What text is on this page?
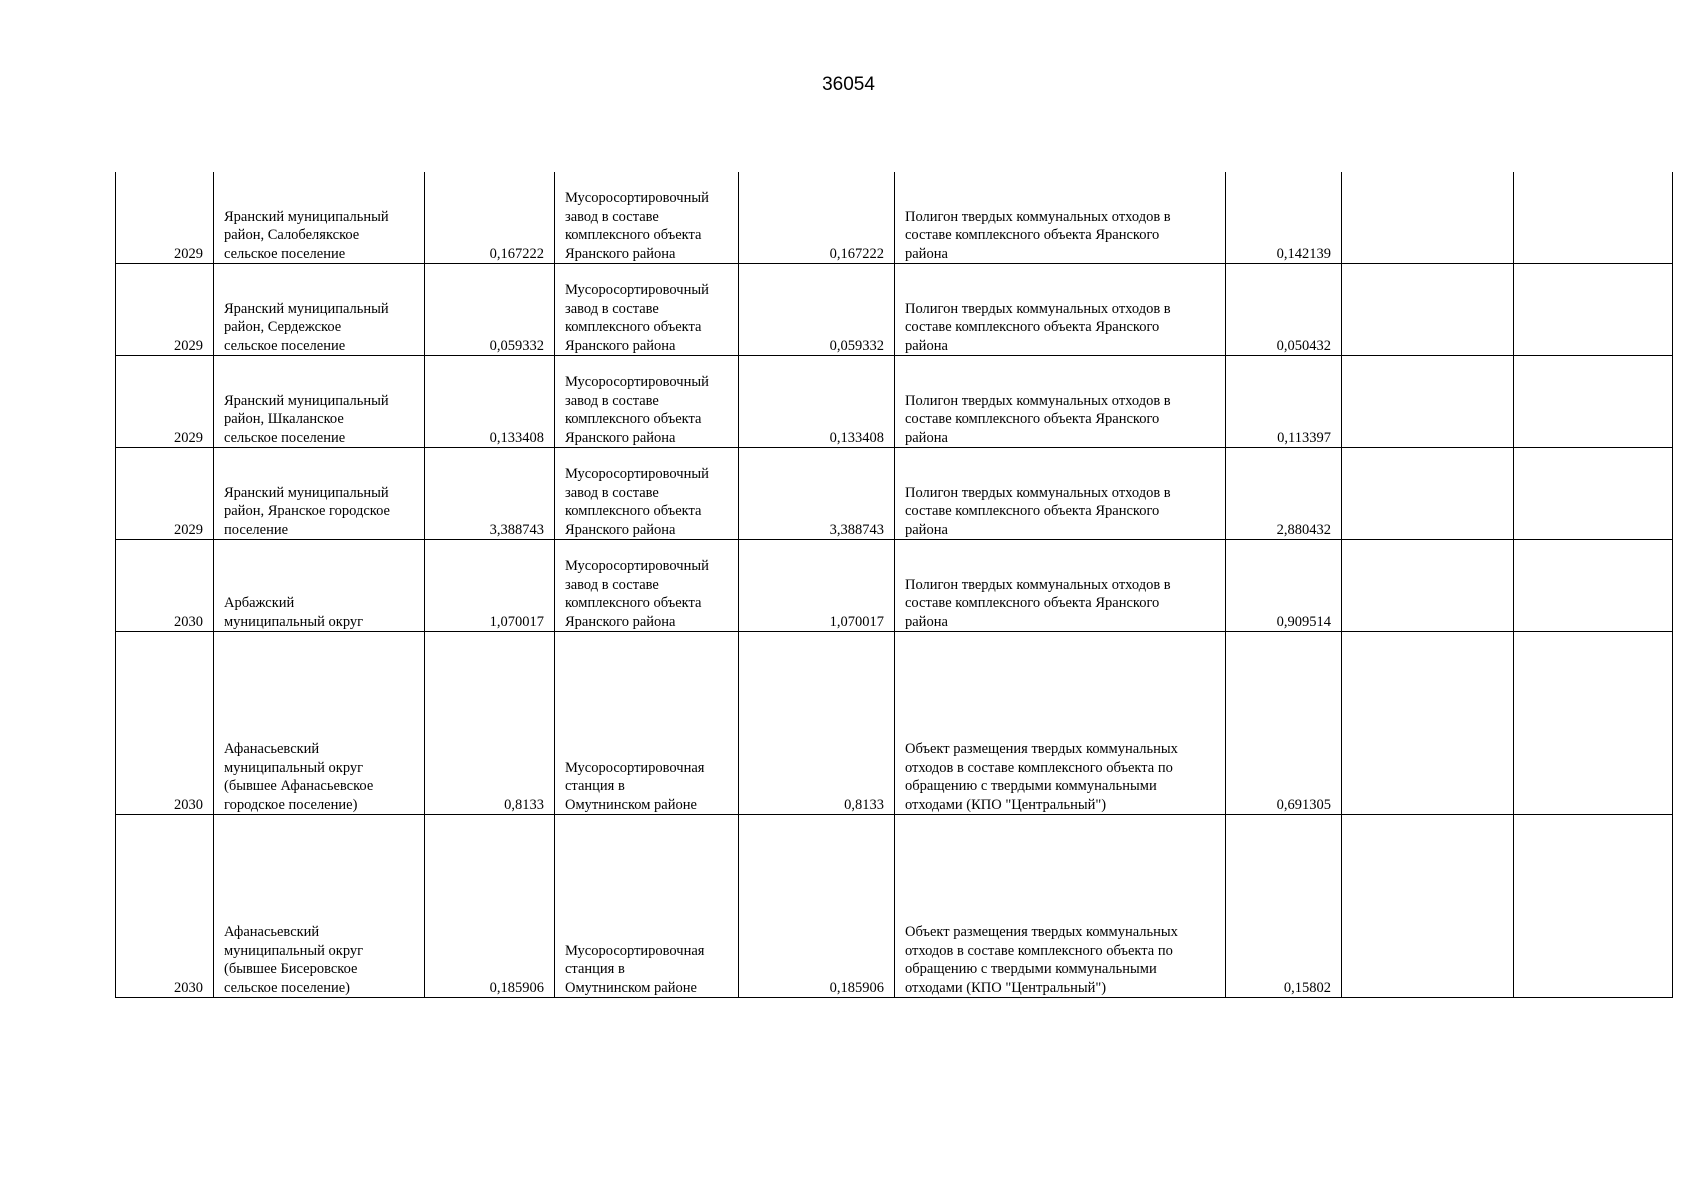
36054
2029	Яранский муниципальный
район, Салобелякское
сельское поселение	0,167222	Мусоросортировочный
завод в составе
комплексного объекта
Яранского района	0,167222	Полигон твердых коммунальных отходов в
составе комплексного объекта Яранского
района	0,142139		
2029	Яранский муниципальный
район, Сердежское
сельское поселение	0,059332	Мусоросортировочный
завод в составе
комплексного объекта
Яранского района	0,059332	Полигон твердых коммунальных отходов в
составе комплексного объекта Яранского
района	0,050432		
2029	Яранский муниципальный
район, Шкаланское
сельское поселение	0,133408	Мусоросортировочный
завод в составе
комплексного объекта
Яранского района	0,133408	Полигон твердых коммунальных отходов в
составе комплексного объекта Яранского
района	0,113397		
2029	Яранский муниципальный
район, Яранское городское
поселение	3,388743	Мусоросортировочный
завод в составе
комплексного объекта
Яранского района	3,388743	Полигон твердых коммунальных отходов в
составе комплексного объекта Яранского
района	2,880432		
2030	Арбажский
муниципальный округ	1,070017	Мусоросортировочный
завод в составе
комплексного объекта
Яранского района	1,070017	Полигон твердых коммунальных отходов в
составе комплексного объекта Яранского
района	0,909514		
2030	Афанасьевский
муниципальный округ
(бывшее Афанасьевское
городское поселение)	0,8133	Мусоросортировочная
станция в
Омутнинском районе	0,8133	Объект размещения твердых коммунальных
отходов в составе комплексного объекта по
обращению с твердыми коммунальными
отходами (КПО "Центральный")	0,691305		
2030	Афанасьевский
муниципальный округ
(бывшее Бисеровское
сельское поселение)	0,185906	Мусоросортировочная
станция в
Омутнинском районе	0,185906	Объект размещения твердых коммунальных
отходов в составе комплексного объекта по
обращению с твердыми коммунальными
отходами (КПО "Центральный")	0,15802		
